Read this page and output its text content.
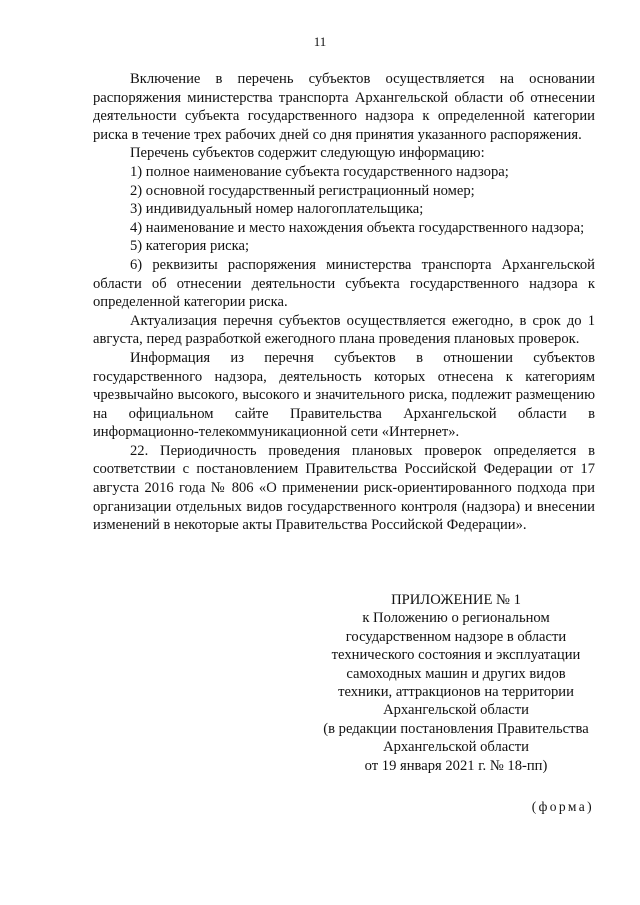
11

Включение в перечень субъектов осуществляется на основании распоряжения министерства транспорта Архангельской области об отнесении деятельности субъекта государственного надзора к определенной категории риска в течение трех рабочих дней со дня принятия указанного распоряжения.

Перечень субъектов содержит следующую информацию:

1) полное наименование субъекта государственного надзора;

2) основной государственный регистрационный номер;

3) индивидуальный номер налогоплательщика;

4) наименование и место нахождения объекта государственного надзора;

5) категория риска;

6) реквизиты распоряжения министерства транспорта Архангельской области об отнесении деятельности субъекта государственного надзора к определенной категории риска.

Актуализация перечня субъектов осуществляется ежегодно, в срок до 1 августа, перед разработкой ежегодного плана проведения плановых проверок.

Информация из перечня субъектов в отношении субъектов государственного надзора, деятельность которых отнесена к категориям чрезвычайно высокого, высокого и значительного риска, подлежит размещению на официальном сайте Правительства Архангельской области в информационно-телекоммуникационной сети «Интернет».

22. Периодичность проведения плановых проверок определяется в соответствии с постановлением Правительства Российской Федерации от 17 августа 2016 года № 806 «О применении риск-ориентированного подхода при организации отдельных видов государственного контроля (надзора) и внесении изменений в некоторые акты Правительства Российской Федерации».

ПРИЛОЖЕНИЕ № 1
к Положению о региональном
государственном надзоре в области
технического состояния и эксплуатации
самоходных машин и других видов
техники, аттракционов на территории
Архангельской области
(в редакции постановления Правительства
Архангельской области
от 19 января 2021 г. № 18-пп)
(форма)
